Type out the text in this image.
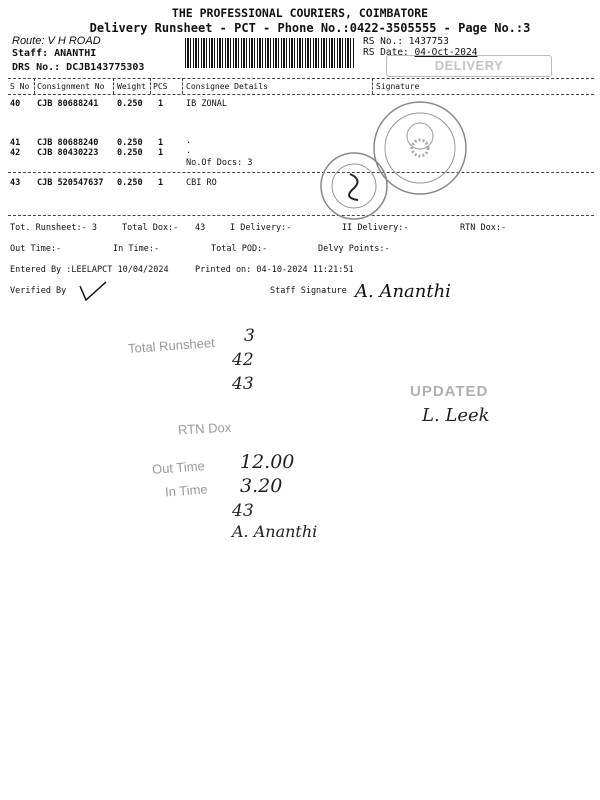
THE PROFESSIONAL COURIERS, COIMBATORE
Delivery Runsheet - PCT - Phone No.:0422-3505555 - Page No.:3
Route: V H ROAD
Staff: ANANTHI
DRS No.: DCJB143775303
RS No.: 1437753
RS Date: 04-Oct-2024
DELIVERY
S No Consignment No Weight PCS Consignee Details	Signature
40 CJB 80688241 0.250 1	IB ZONAL
41 CJB 80688240 0.250 1	.
42 CJB 80430223 0.250 1	.
No.Of Docs: 3
43 CJB 520547637 0.250 1	CBI RO
Tot. Runsheet:- 3	Total Dox:- 43	I Delivery:-	II Delivery:-	RTN Dox:-
Out Time:-	In Time:-	Total POD:-	Delvy Points:-
Entered By :LEELAPCT 10/04/2024	Printed on: 04-10-2024 11:21:51
Verified By	Staff Signature A. Ananthi
Total Runsheet 3
42
43
RTN Dox
UPDATED
L. Leek
Out Time 12.00
In Time 3.20
43
A. Ananthi
